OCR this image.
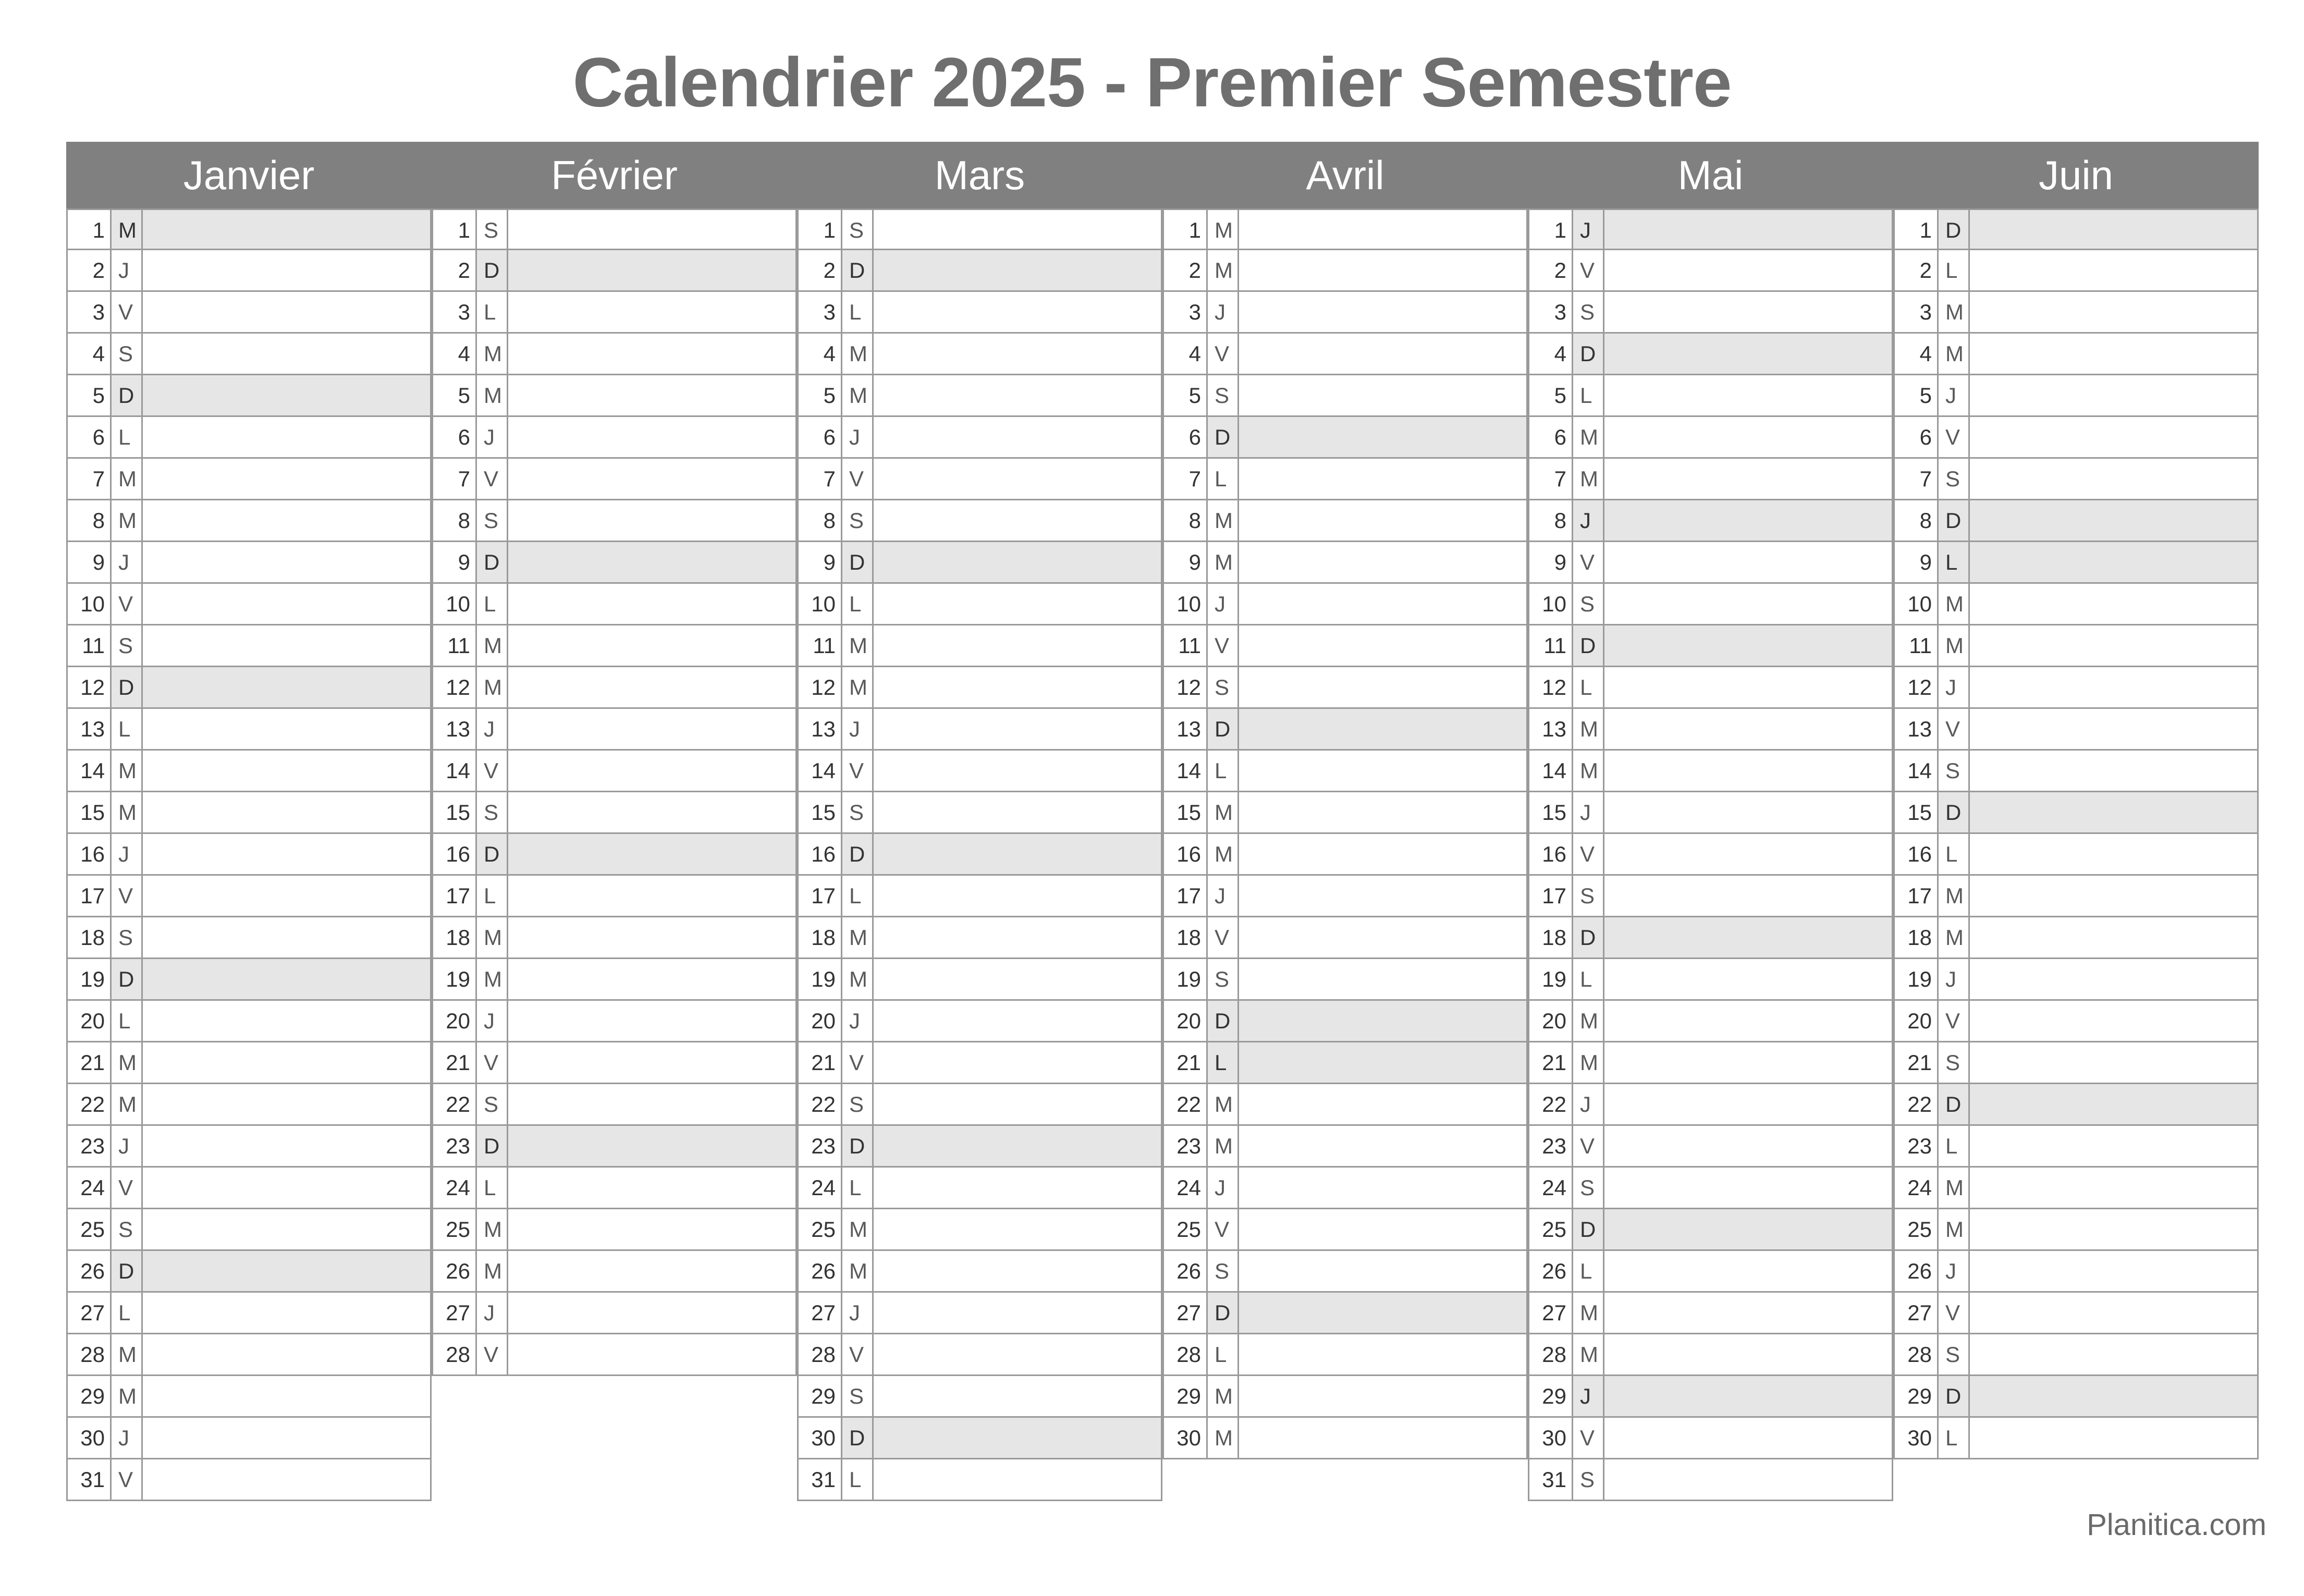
Calendrier 2025 - Premier Semestre
Janvier
1 M
2 J
3 V
4 S
5 D
6 L
7 M
8 M
9 J
10 V
11 S
12 D
13 L
14 M
15 M
16 J
17 V
18 S
19 D
20 L
21 M
22 M
23 J
24 V
25 S
26 D
27 L
28 M
29 M
30 J
31 V
Février
1 S
2 D
3 L
4 M
5 M
6 J
7 V
8 S
9 D
10 L
11 M
12 M
13 J
14 V
15 S
16 D
17 L
18 M
19 M
20 J
21 V
22 S
23 D
24 L
25 M
26 M
27 J
28 V
Mars
1 S
2 D
3 L
4 M
5 M
6 J
7 V
8 S
9 D
10 L
11 M
12 M
13 J
14 V
15 S
16 D
17 L
18 M
19 M
20 J
21 V
22 S
23 D
24 L
25 M
26 M
27 J
28 V
29 S
30 D
31 L
Avril
1 M
2 M
3 J
4 V
5 S
6 D
7 L
8 M
9 M
10 J
11 V
12 S
13 D
14 L
15 M
16 M
17 J
18 V
19 S
20 D
21 L
22 M
23 M
24 J
25 V
26 S
27 D
28 L
29 M
30 M
Mai
1 J
2 V
3 S
4 D
5 L
6 M
7 M
8 J
9 V
10 S
11 D
12 L
13 M
14 M
15 J
16 V
17 S
18 D
19 L
20 M
21 M
22 J
23 V
24 S
25 D
26 L
27 M
28 M
29 J
30 V
31 S
Juin
1 D
2 L
3 M
4 M
5 J
6 V
7 S
8 D
9 L
10 M
11 M
12 J
13 V
14 S
15 D
16 L
17 M
18 M
19 J
20 V
21 S
22 D
23 L
24 M
25 M
26 J
27 V
28 S
29 D
30 L
Planitica.com
